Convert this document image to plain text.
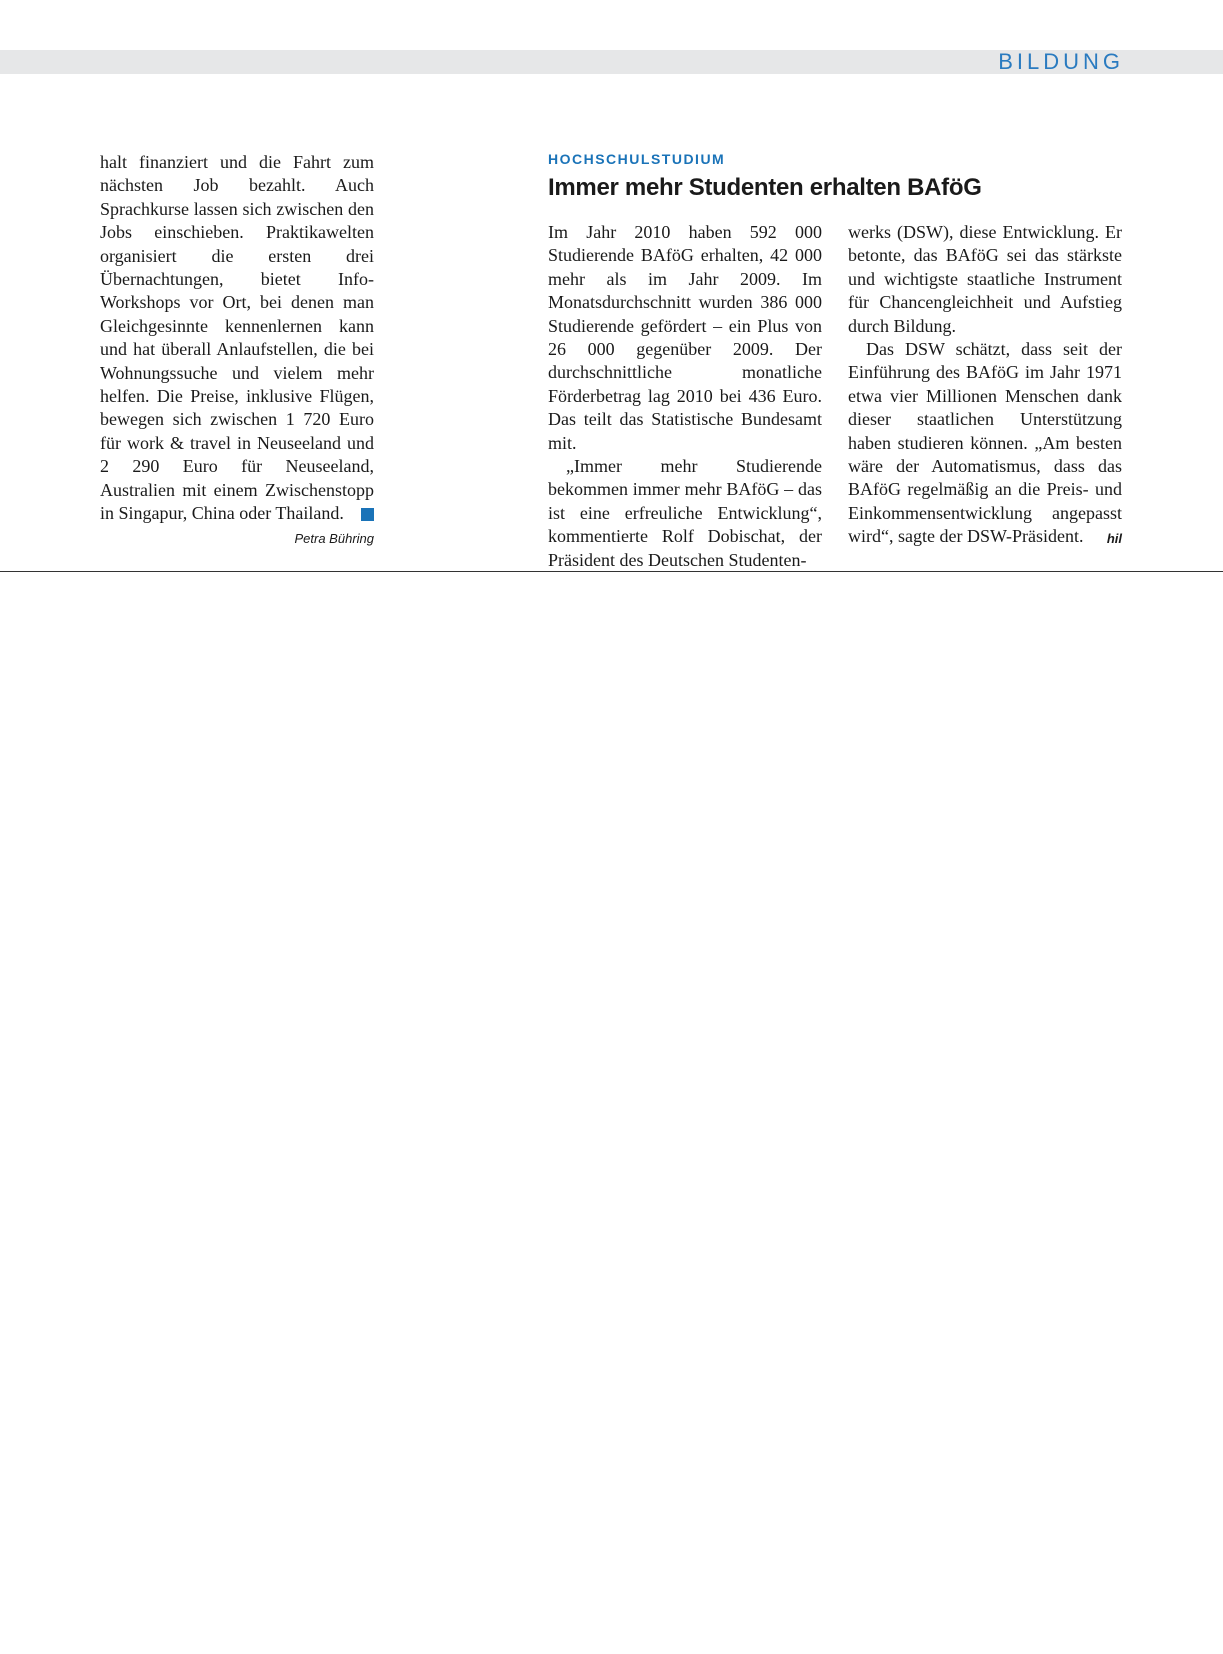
BILDUNG

halt finanziert und die Fahrt zum nächsten Job bezahlt. Auch Sprachkurse lassen sich zwischen den Jobs einschieben. Praktikawelten organisiert die ersten drei Übernachtungen, bietet Info-Workshops vor Ort, bei denen man Gleichgesinnte kennenlernen kann und hat überall Anlaufstellen, die bei Wohnungssuche und vielem mehr helfen. Die Preise, inklusive Flügen, bewegen sich zwischen 1 720 Euro für work & travel in Neuseeland und 2 290 Euro für Neuseeland, Australien mit einem Zwischenstopp in Singapur, China oder Thailand.

Petra Bühring
HOCHSCHULSTUDIUM
Immer mehr Studenten erhalten BAföG

Im Jahr 2010 haben 592 000 Studierende BAföG erhalten, 42 000 mehr als im Jahr 2009. Im Monatsdurchschnitt wurden 386 000 Studierende gefördert – ein Plus von 26 000 gegenüber 2009. Der durchschnittliche monatliche Förderbetrag lag 2010 bei 436 Euro. Das teilt das Statistische Bundesamt mit.

„Immer mehr Studierende bekommen immer mehr BAföG – das ist eine erfreuliche Entwicklung“, kommentierte Rolf Dobischat, der Präsident des Deutschen Studenten-

werks (DSW), diese Entwicklung. Er betonte, das BAföG sei das stärkste und wichtigste staatliche Instrument für Chancengleichheit und Aufstieg durch Bildung.

Das DSW schätzt, dass seit der Einführung des BAföG im Jahr 1971 etwa vier Millionen Menschen dank dieser staatlichen Unterstützung haben studieren können. „Am besten wäre der Automatismus, dass das BAföG regelmäßig an die Preis- und Einkommensentwicklung angepasst wird“, sagte der DSW-Präsident.	hil
